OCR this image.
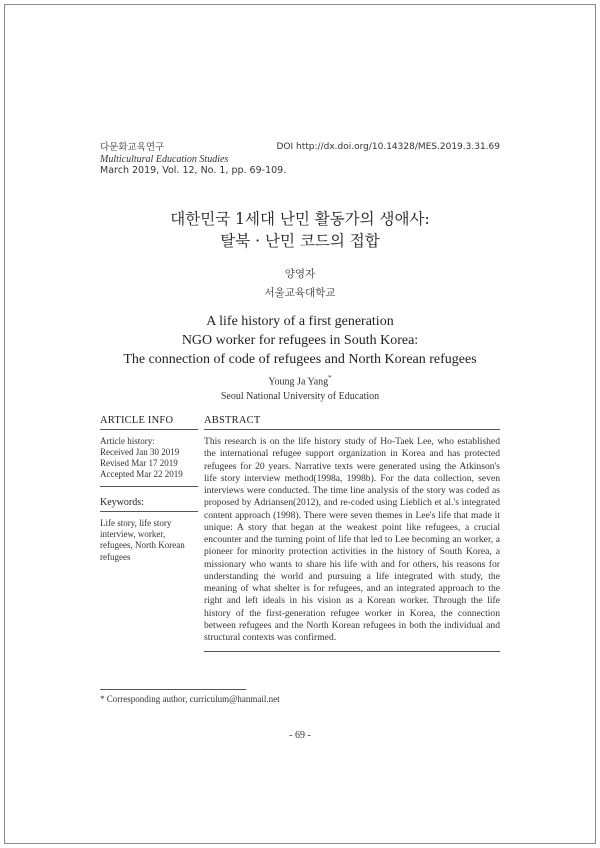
다문화교육연구
Multicultural Education Studies
March 2019, Vol. 12, No. 1, pp. 69-109.
DOI http://dx.doi.org/10.14328/MES.2019.3.31.69
대한민국 1세대 난민 활동가의 생애사:
탈북 · 난민 코드의 접합
양영자
서울교육대학교
A life history of a first generation
NGO worker for refugees in South Korea:
The connection of code of refugees and North Korean refugees
Young Ja Yang*
Seoul National University of Education
ARTICLE INFO
Article history:
Received Jan 30 2019
Revised Mar 17 2019
Accepted Mar 22 2019
Keywords:
Life story, life story interview, worker, refugees, North Korean refugees
ABSTRACT
This research is on the life history study of Ho-Taek Lee, who established the international refugee support organization in Korea and has protected refugees for 20 years. Narrative texts were generated using the Atkinson's life story interview method(1998a, 1998b). For the data collection, seven interviews were conducted. The time line analysis of the story was coded as proposed by Adriansen(2012), and re-coded using Lieblich et al.'s integrated content approach (1998). There were seven themes in Lee's life that made it unique: A story that began at the weakest point like refugees, a crucial encounter and the turning point of life that led to Lee becoming an worker, a pioneer for minority protection activities in the history of South Korea, a missionary who wants to share his life with and for others, his reasons for understanding the world and pursuing a life integrated with study, the meaning of what shelter is for refugees, and an integrated approach to the right and left ideals in his vision as a Korean worker. Through the life history of the first-generation refugee worker in Korea, the connection between refugees and the North Korean refugees in both the individual and structural contexts was confirmed.
* Corresponding author, curriculum@hanmail.net
- 69 -
